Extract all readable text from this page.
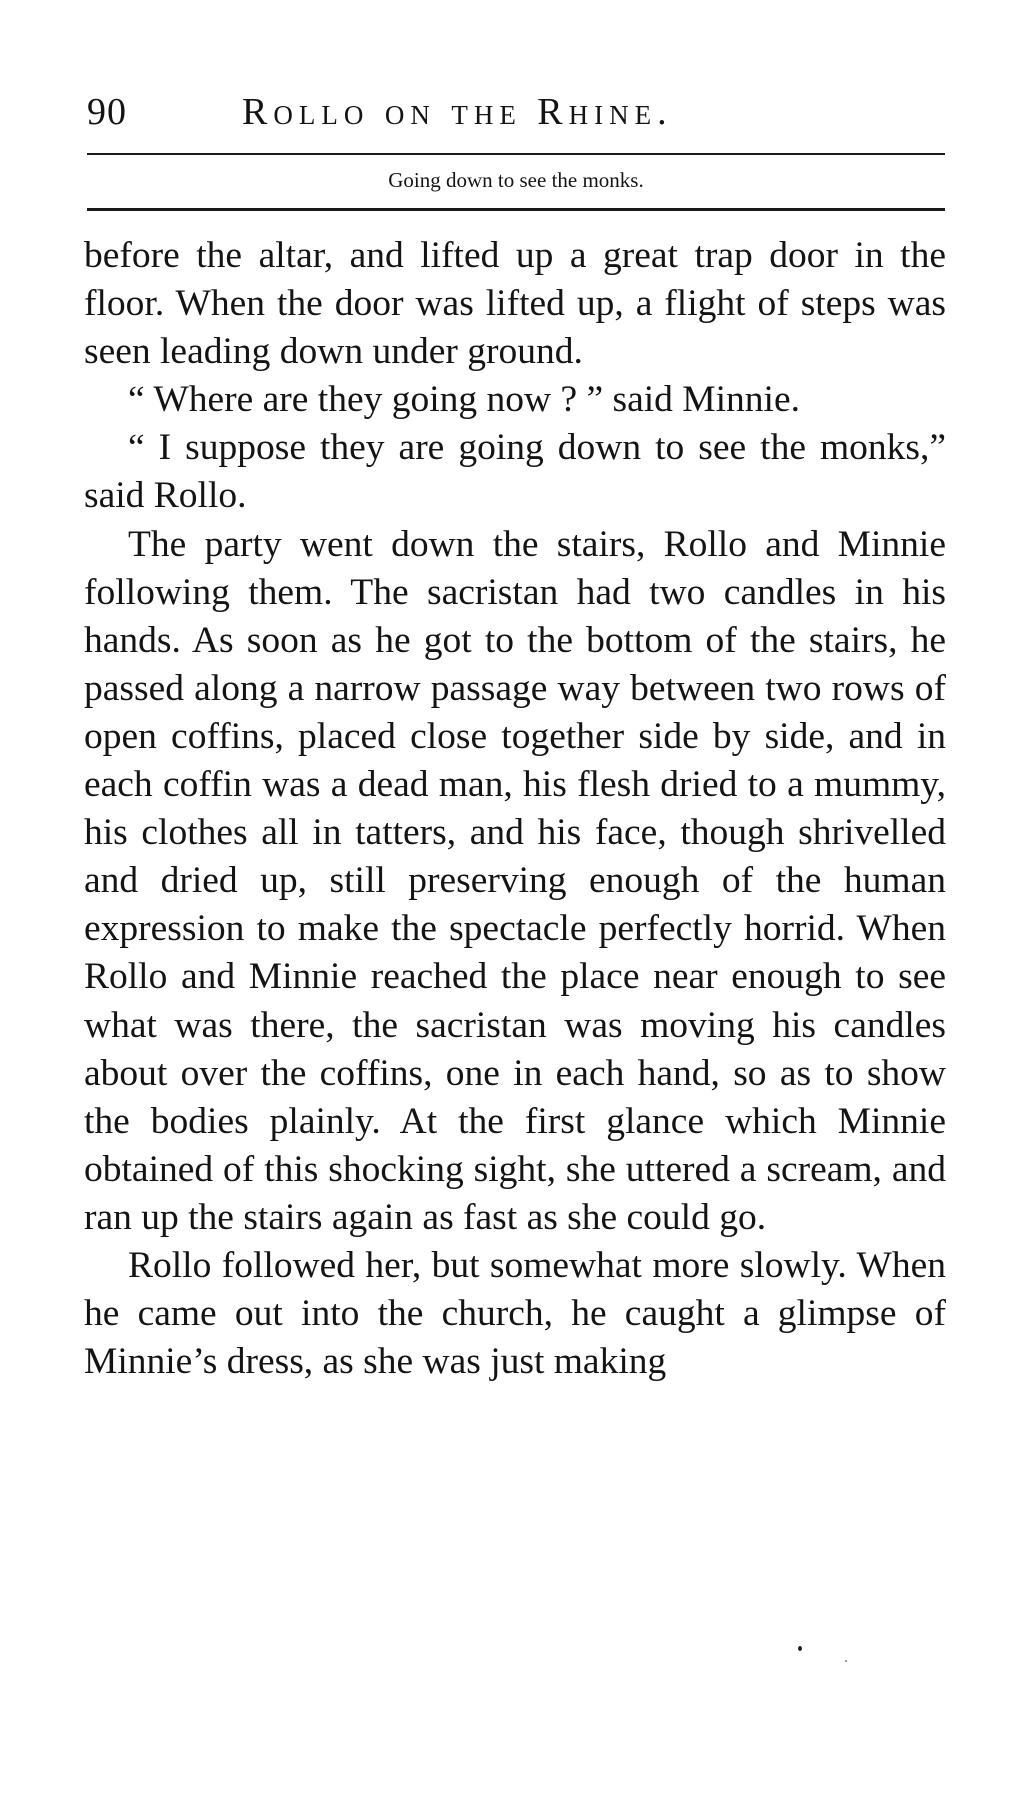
90	Rollo on the Rhine.
Going down to see the monks.

before the altar, and lifted up a great trap door in the floor. When the door was lifted up, a flight of steps was seen leading down under ground.

“ Where are they going now ? ” said Minnie.

“ I suppose they are going down to see the monks,” said Rollo.

The party went down the stairs, Rollo and Minnie following them. The sacristan had two candles in his hands. As soon as he got to the bottom of the stairs, he passed along a narrow passage way between two rows of open coffins, placed close together side by side, and in each coffin was a dead man, his flesh dried to a mummy, his clothes all in tatters, and his face, though shrivelled and dried up, still preserving enough of the human expression to make the spectacle perfectly horrid. When Rollo and Minnie reached the place near enough to see what was there, the sacristan was moving his candles about over the coffins, one in each hand, so as to show the bodies plainly. At the first glance which Minnie obtained of this shocking sight, she uttered a scream, and ran up the stairs again as fast as she could go.

Rollo followed her, but somewhat more slowly. When he came out into the church, he caught a glimpse of Minnie’s dress, as she was just making
